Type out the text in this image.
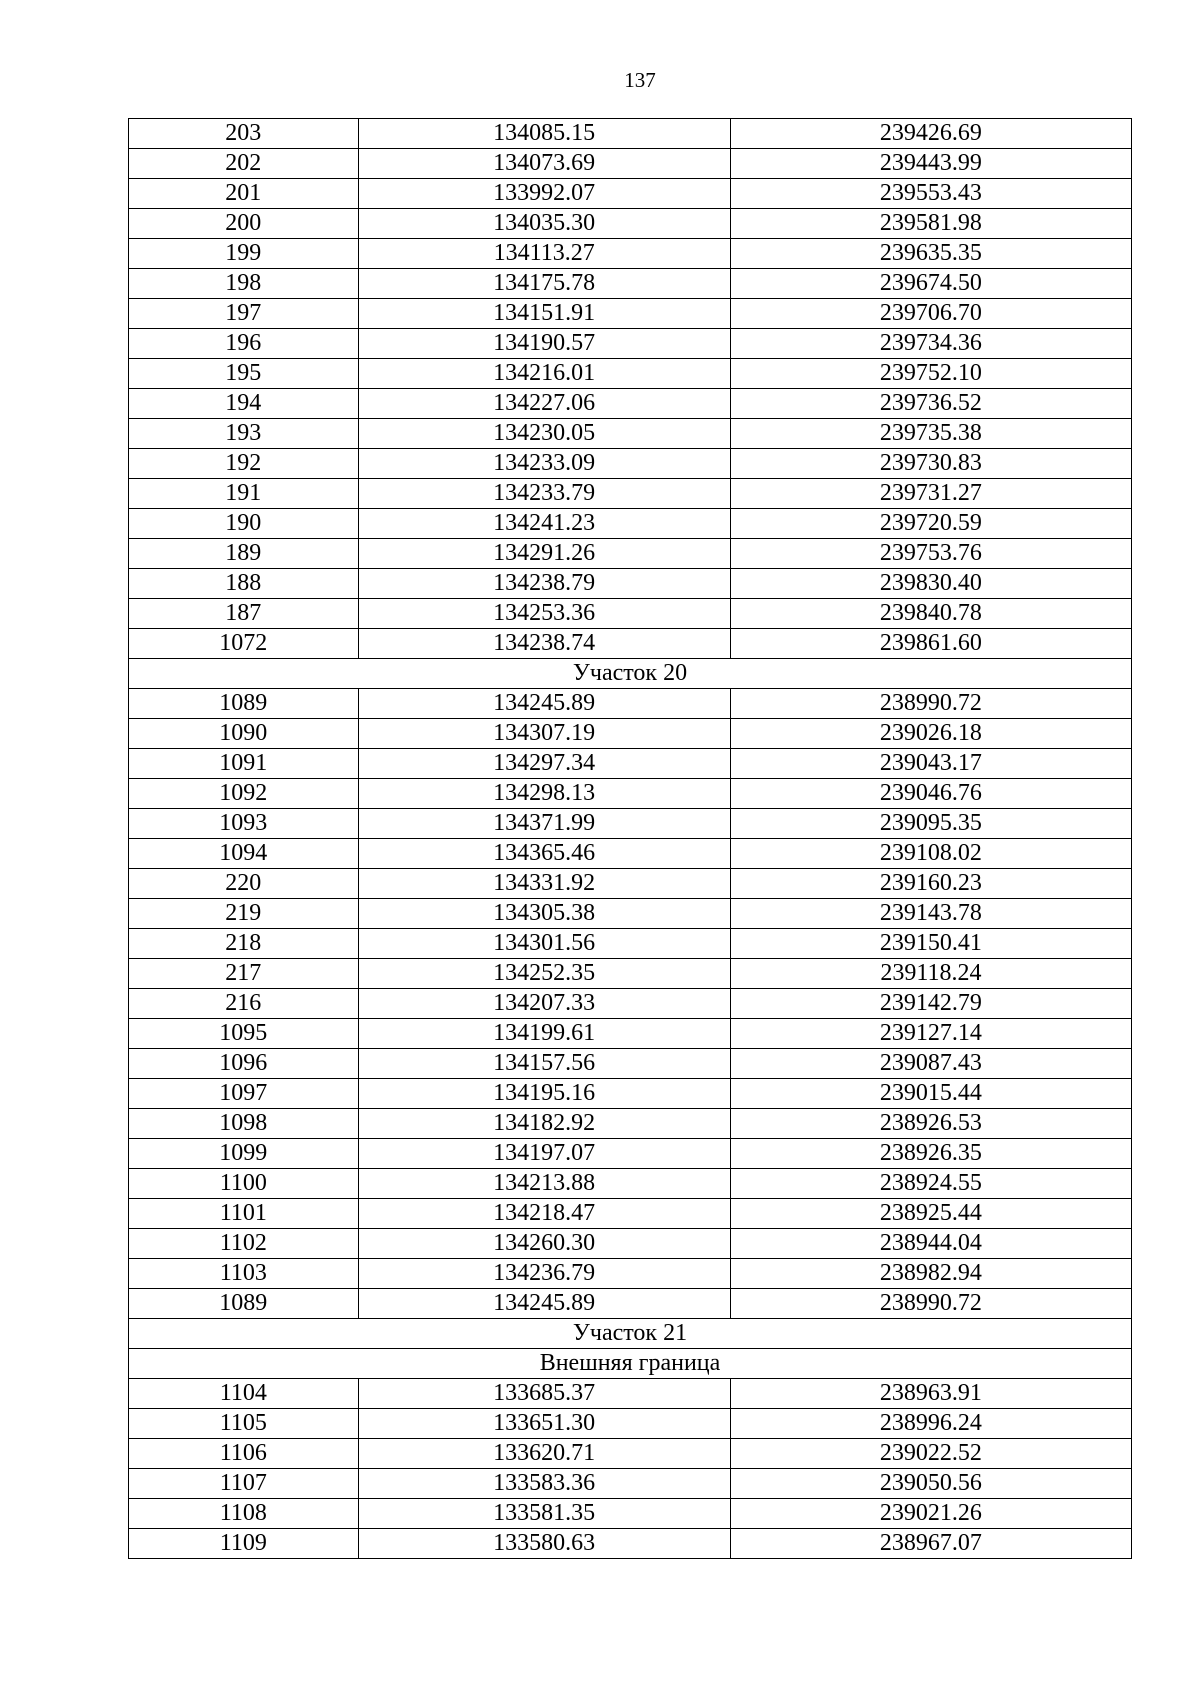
137
203	134085.15	239426.69
202	134073.69	239443.99
201	133992.07	239553.43
200	134035.30	239581.98
199	134113.27	239635.35
198	134175.78	239674.50
197	134151.91	239706.70
196	134190.57	239734.36
195	134216.01	239752.10
194	134227.06	239736.52
193	134230.05	239735.38
192	134233.09	239730.83
191	134233.79	239731.27
190	134241.23	239720.59
189	134291.26	239753.76
188	134238.79	239830.40
187	134253.36	239840.78
1072	134238.74	239861.60
Участок 20		
1089	134245.89	238990.72
1090	134307.19	239026.18
1091	134297.34	239043.17
1092	134298.13	239046.76
1093	134371.99	239095.35
1094	134365.46	239108.02
220	134331.92	239160.23
219	134305.38	239143.78
218	134301.56	239150.41
217	134252.35	239118.24
216	134207.33	239142.79
1095	134199.61	239127.14
1096	134157.56	239087.43
1097	134195.16	239015.44
1098	134182.92	238926.53
1099	134197.07	238926.35
1100	134213.88	238924.55
1101	134218.47	238925.44
1102	134260.30	238944.04
1103	134236.79	238982.94
1089	134245.89	238990.72
Участок 21		
Внешняя граница		
1104	133685.37	238963.91
1105	133651.30	238996.24
1106	133620.71	239022.52
1107	133583.36	239050.56
1108	133581.35	239021.26
1109	133580.63	238967.07
